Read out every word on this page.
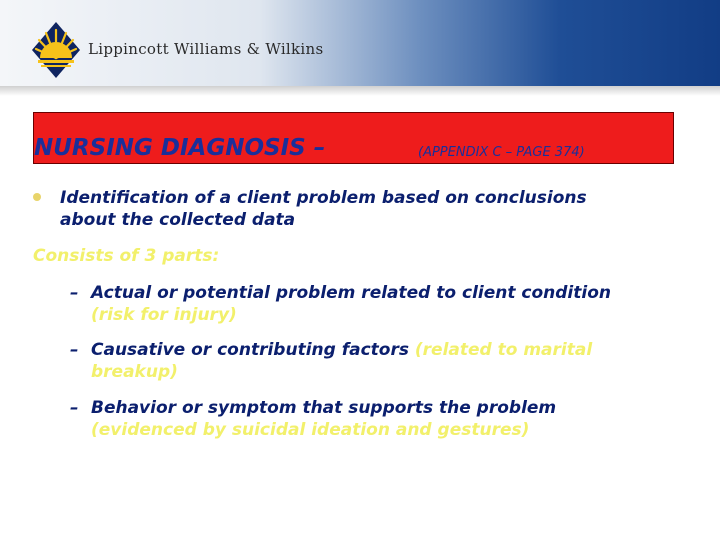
Lippincott Williams & Wilkins
NURSING DIAGNOSIS –	(APPENDIX C – PAGE 374)
Identification of a client problem based on conclusions
about the collected data
Consists of 3 parts:
– Actual or potential problem related to client condition
(risk for injury)
– Causative or contributing factors (related to marital
breakup)
– Behavior or symptom that supports the problem
(evidenced by suicidal ideation and gestures)
